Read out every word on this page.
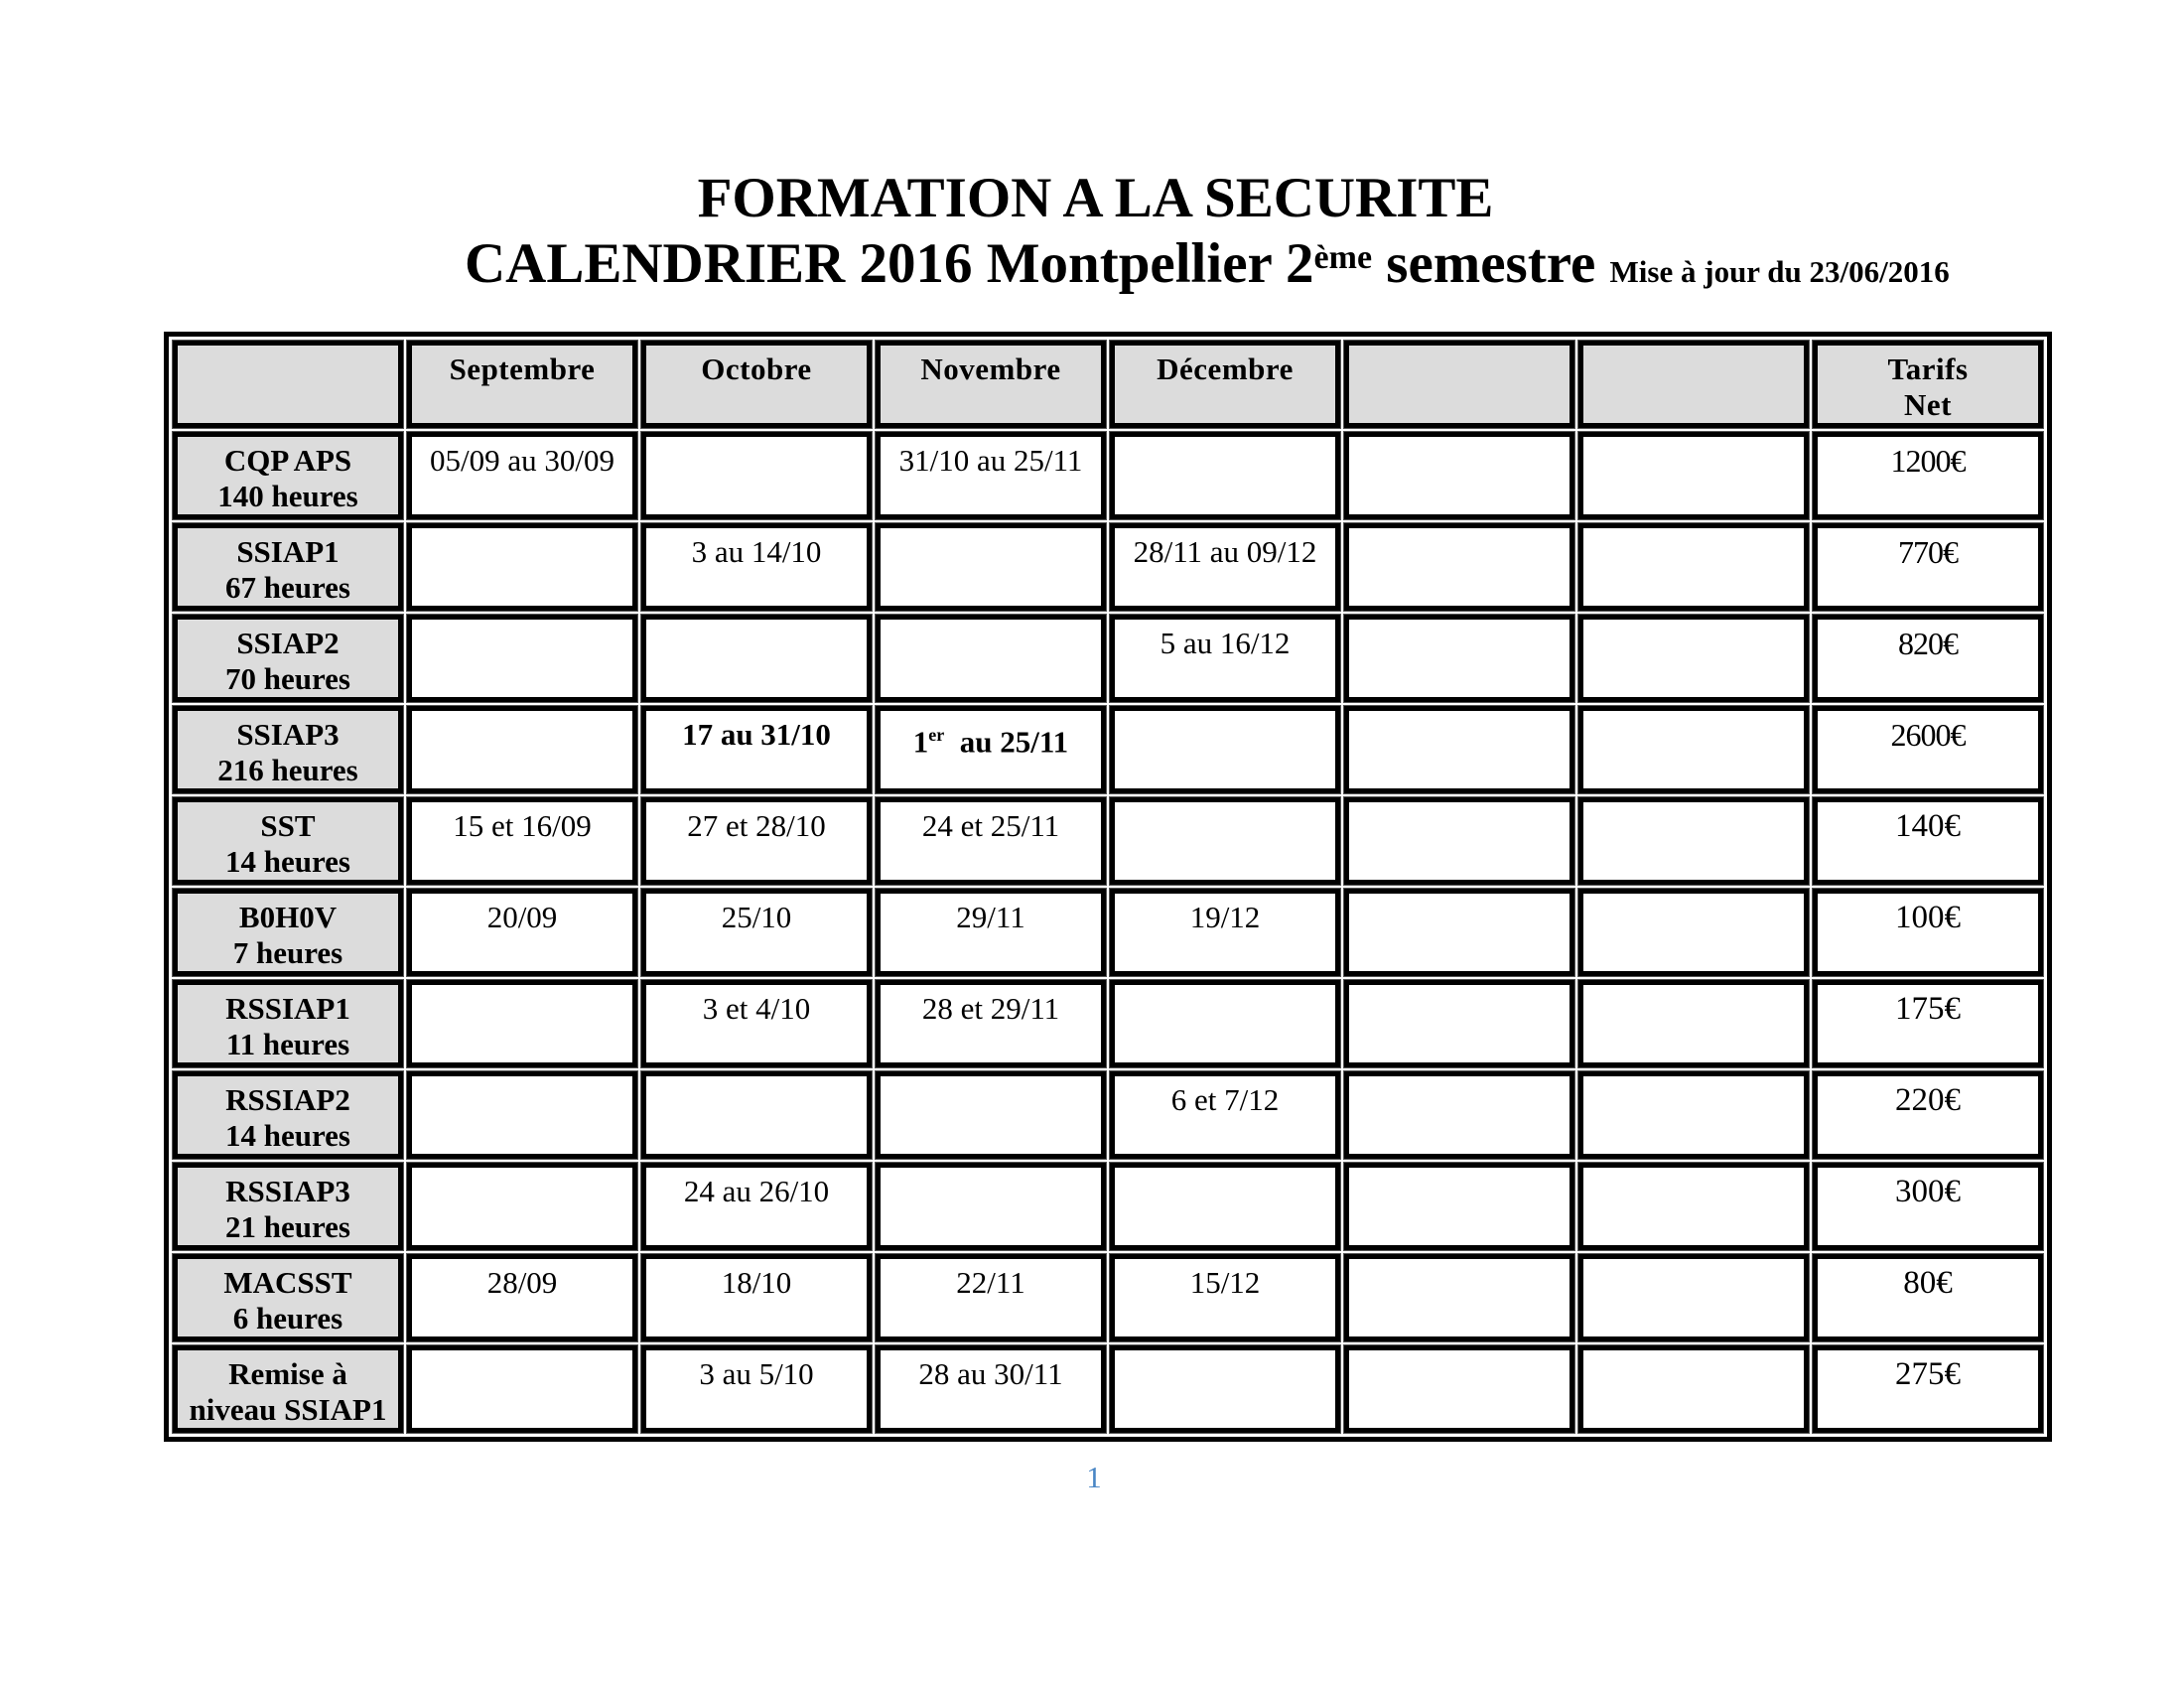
FORMATION A LA SECURITE
CALENDRIER 2016 Montpellier 2ème semestre Mise à jour du 23/06/2016
	Septembre	Octobre	Novembre	Décembre			Tarifs
Net

CQP APS
140 heures	05/09 au 30/09		31/10 au 25/11				1200€

SSIAP1
67 heures		3 au 14/10		28/11 au 09/12			770€

SSIAP2
70 heures				5 au 16/12			820€

SSIAP3
216 heures		17 au 31/10	1er  au 25/11				2600€

SST
14 heures	15 et 16/09	27 et 28/10	24 et 25/11				140€

B0H0V
7 heures	20/09	25/10	29/11	19/12			100€

RSSIAP1
11 heures		3 et 4/10	28 et 29/11				175€

RSSIAP2
14 heures				6 et 7/12			220€

RSSIAP3
21 heures		24 au 26/10					300€

MACSST
6 heures	28/09	18/10	22/11	15/12			80€

Remise à
niveau SSIAP1		3 au 5/10	28 au 30/11				275€
1
